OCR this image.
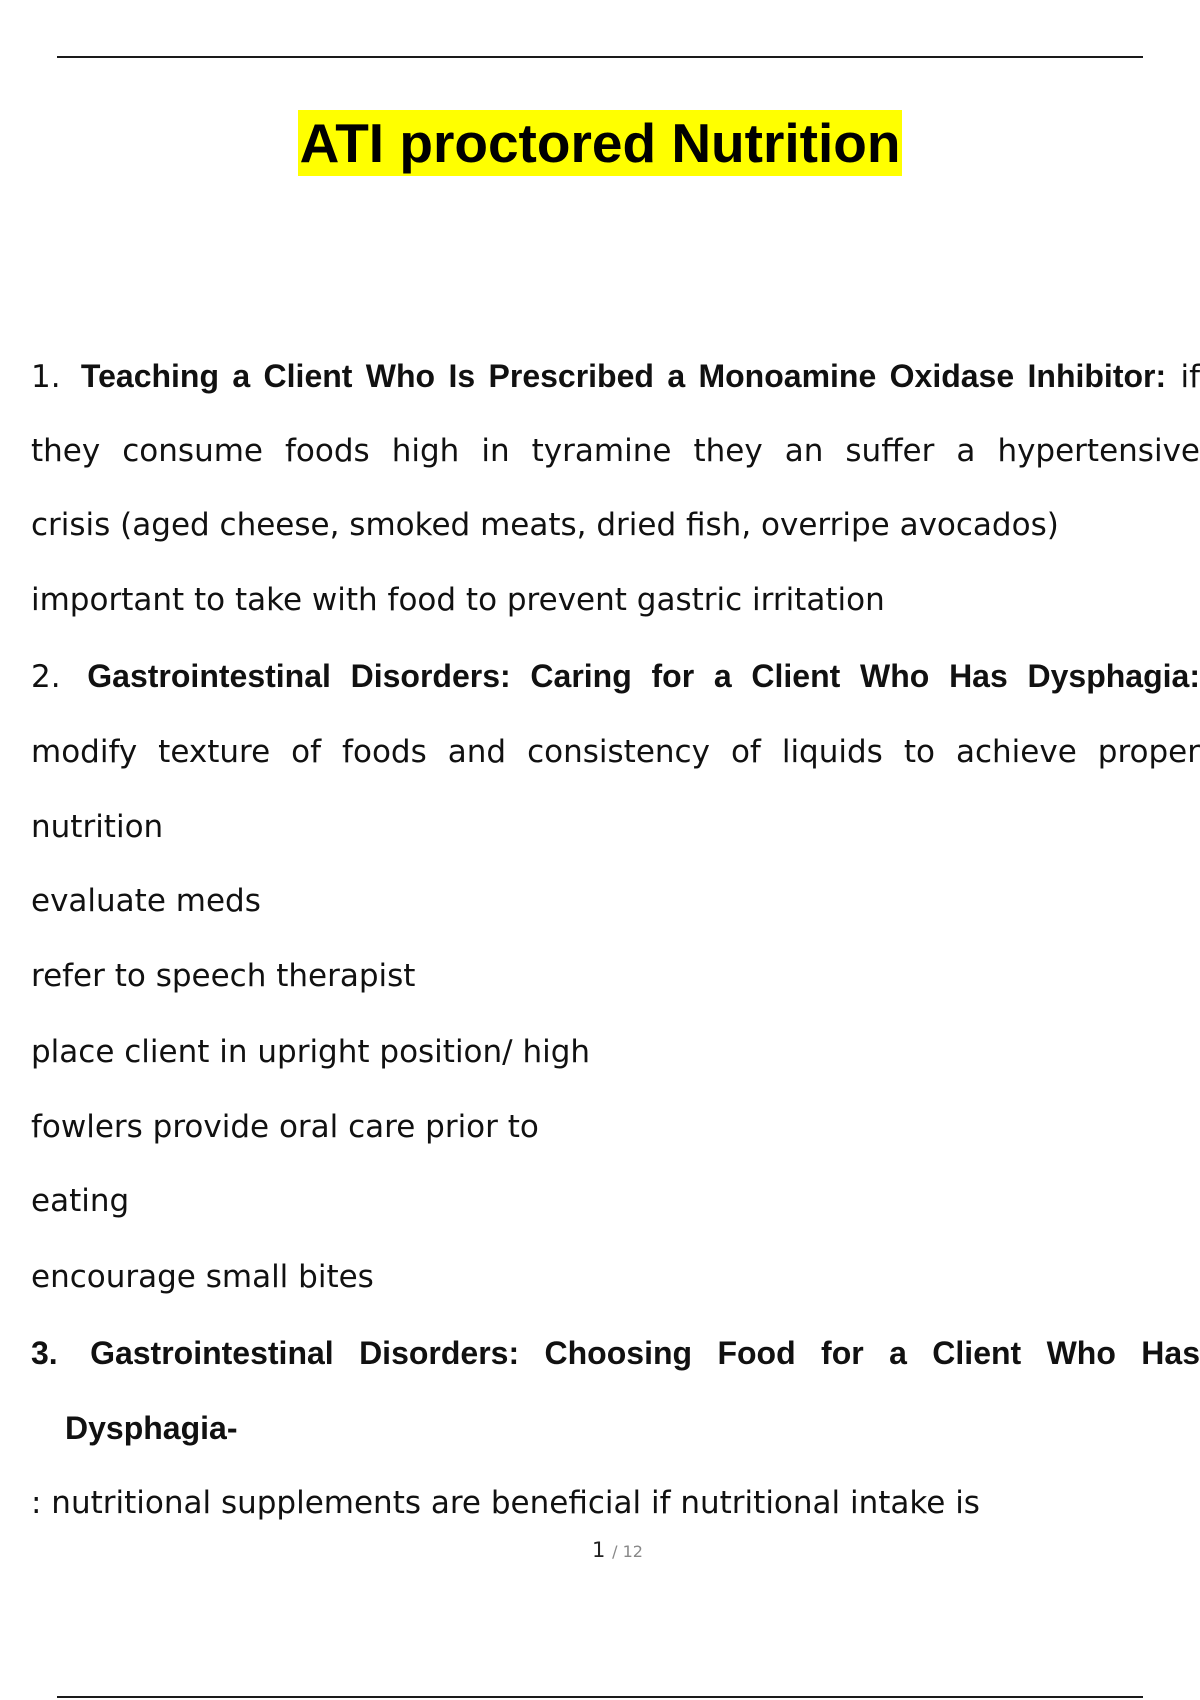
ATI proctored Nutrition
1. Teaching a Client Who Is Prescribed a Monoamine Oxidase Inhibitor: if
they consume foods high in tyramine they an suffer a hypertensive
crisis (aged cheese, smoked meats, dried fish, overripe avocados)
important to take with food to prevent gastric irritation
2. Gastrointestinal Disorders: Caring for a Client Who Has Dysphagia:
modify texture of foods and consistency of liquids to achieve proper
nutrition
evaluate meds
refer to speech therapist
place client in upright position/ high
fowlers provide oral care prior to
eating
encourage small bites
3. Gastrointestinal Disorders: Choosing Food for a Client Who Has
Dysphagia-
: nutritional supplements are beneficial if nutritional intake is
1 / 12
